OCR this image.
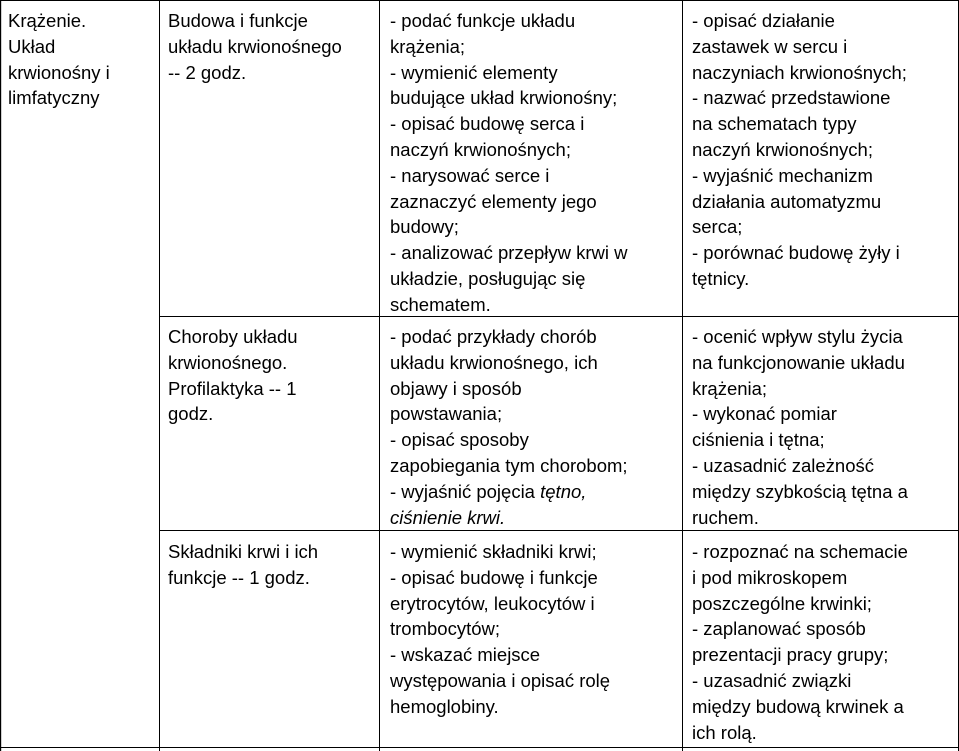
Krążenie.
Układ
krwionośny i
limfatyczny
Budowa i funkcje
układu krwionośnego
-- 2 godz.
- podać funkcje układu
krążenia;
- wymienić elementy
budujące układ krwionośny;
- opisać budowę serca i
naczyń krwionośnych;
- narysować serce i
zaznaczyć elementy jego
budowy;
- analizować przepływ krwi w
układzie, posługując się
schematem.
- opisać działanie
zastawek w sercu i
naczyniach krwionośnych;
- nazwać przedstawione
na schematach typy
naczyń krwionośnych;
- wyjaśnić mechanizm
działania automatyzmu
serca;
- porównać budowę żyły i
tętnicy.
Choroby układu
krwionośnego.
Profilaktyka -- 1
godz.
- podać przykłady chorób
układu krwionośnego, ich
objawy i sposób
powstawania;
- opisać sposoby
zapobiegania tym chorobom;
- wyjaśnić pojęcia tętno,
ciśnienie krwi.
- ocenić wpływ stylu życia
na funkcjonowanie układu
krążenia;
- wykonać pomiar
ciśnienia i tętna;
- uzasadnić zależność
między szybkością tętna a
ruchem.
Składniki krwi i ich
funkcje -- 1 godz.
- wymienić składniki krwi;
- opisać budowę i funkcje
erytrocytów, leukocytów i
trombocytów;
- wskazać miejsce
występowania i opisać rolę
hemoglobiny.
- rozpoznać na schemacie
i pod mikroskopem
poszczególne krwinki;
- zaplanować sposób
prezentacji pracy grupy;
- uzasadnić związki
między budową krwinek a
ich rolą.
